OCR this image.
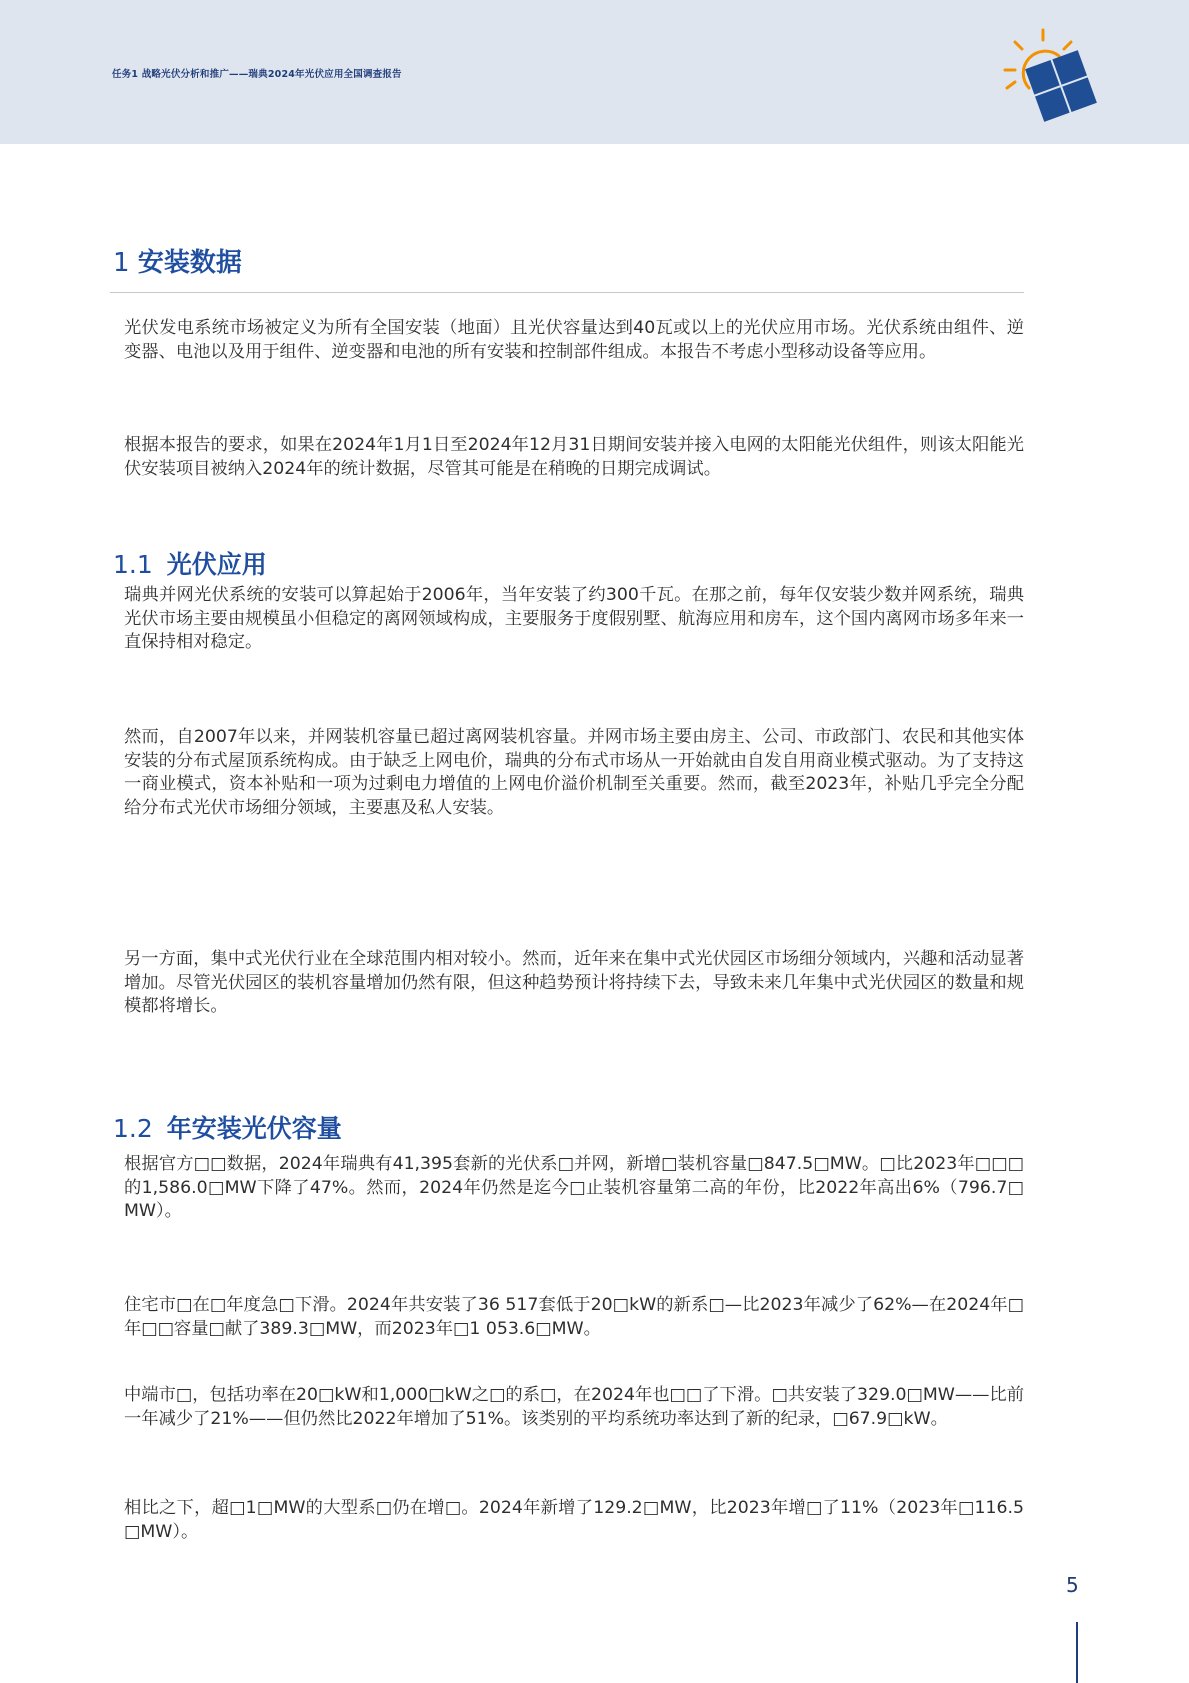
任务1 战略光伏分析和推广——瑞典2024年光伏应用全国调查报告
1 安装数据
光伏发电系统市场被定义为所有全国安装（地面）且光伏容量达到40瓦或以上的光伏应用市场。光伏系统由组件、逆变器、电池以及用于组件、逆变器和电池的所有安装和控制部件组成。本报告不考虑小型移动设备等应用。
根据本报告的要求，如果在2024年1月1日至2024年12月31日期间安装并接入电网的太阳能光伏组件，则该太阳能光伏安装项目被纳入2024年的统计数据，尽管其可能是在稍晚的日期完成调试。
1.1 光伏应用
瑞典并网光伏系统的安装可以算起始于2006年，当年安装了约300千瓦。在那之前，每年仅安装少数并网系统，瑞典光伏市场主要由规模虽小但稳定的离网领域构成，主要服务于度假别墅、航海应用和房车，这个国内离网市场多年来一直保持相对稳定。
然而，自2007年以来，并网装机容量已超过离网装机容量。并网市场主要由房主、公司、市政部门、农民和其他实体安装的分布式屋顶系统构成。由于缺乏上网电价，瑞典的分布式市场从一开始就由自发自用商业模式驱动。为了支持这一商业模式，资本补贴和一项为过剩电力增值的上网电价溢价机制至关重要。然而，截至2023年，补贴几乎完全分配给分布式光伏市场细分领域，主要惠及私人安装。
另一方面，集中式光伏行业在全球范围内相对较小。然而，近年来在集中式光伏园区市场细分领域内，兴趣和活动显著增加。尽管光伏园区的装机容量增加仍然有限，但这种趋势预计将持续下去，导致未来几年集中式光伏园区的数量和规模都将增长。
1.2 年安装光伏容量
根据官方□□数据，2024年瑞典有41,395套新的光伏系□并网，新增□装机容量□847.5□MW。□比2023年□□□的1,586.0□MW下降了47%。然而，2024年仍然是迄今□止装机容量第二高的年份，比2022年高出6%（796.7□MW）。
住宅市□在□年度急□下滑。2024年共安装了36 517套低于20□kW的新系□—比2023年减少了62%—在2024年□年□□容量□献了389.3□MW，而2023年□1 053.6□MW。
中端市□，包括功率在20□kW和1,000□kW之□的系□，在2024年也□□了下滑。□共安装了329.0□MW——比前一年减少了21%——但仍然比2022年增加了51%。该类别的平均系统功率达到了新的纪录，□67.9□kW。
相比之下，超□1□MW的大型系□仍在增□。2024年新增了129.2□MW，比2023年增□了11%（2023年□116.5□MW）。
5
